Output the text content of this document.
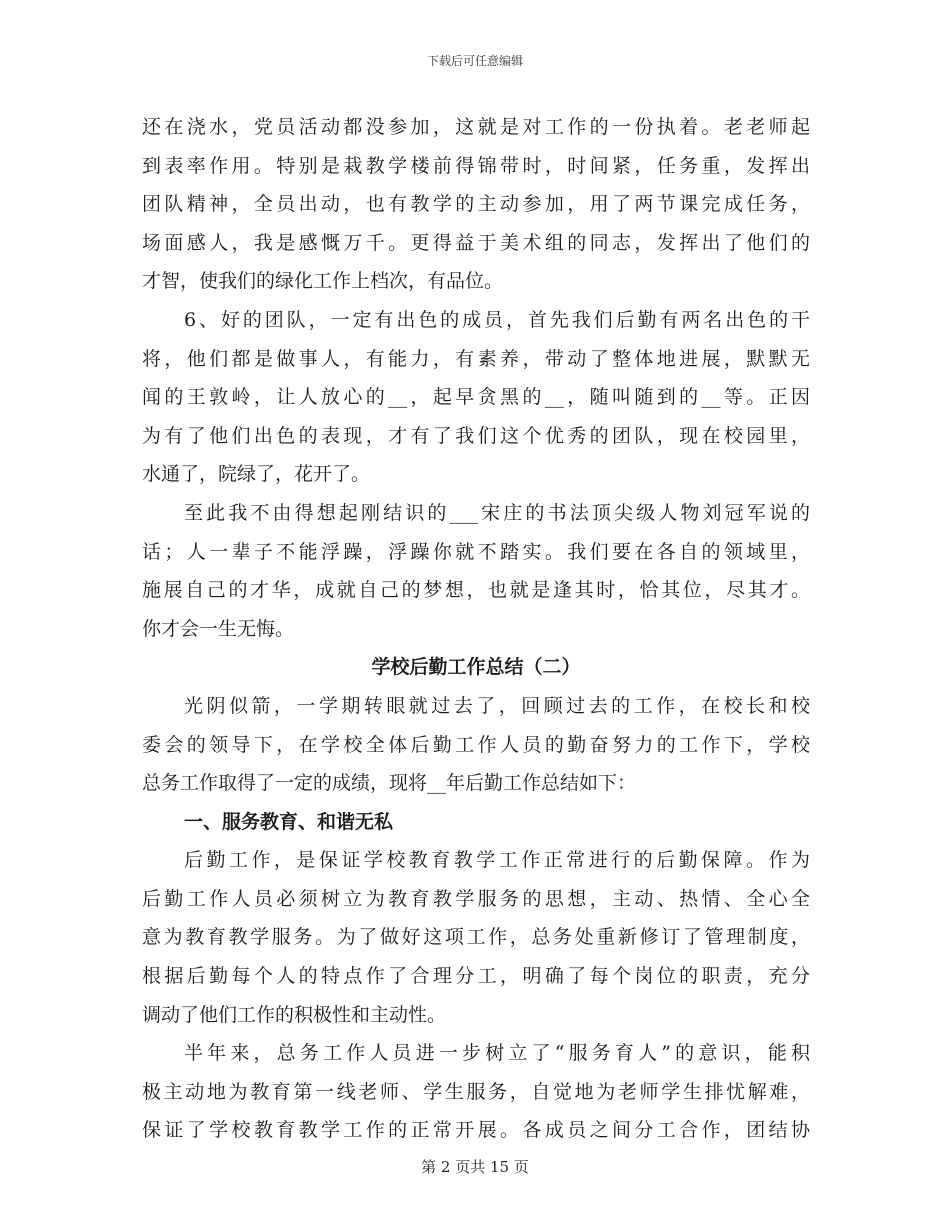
下载后可任意编辑
还在浇水，党员活动都没参加，这就是对工作的一份执着。老老师起
到表率作用。特别是栽教学楼前得锦带时，时间紧，任务重，发挥出
团队精神，全员出动，也有教学的主动参加，用了两节课完成任务，
场面感人，我是感慨万千。更得益于美术组的同志，发挥出了他们的
才智，使我们的绿化工作上档次，有品位。
6、好的团队，一定有出色的成员，首先我们后勤有两名出色的干
将，他们都是做事人，有能力，有素养，带动了整体地进展，默默无
闻的王敦岭，让人放心的__，起早贪黑的__，随叫随到的__等。正因
为有了他们出色的表现，才有了我们这个优秀的团队，现在校园里，
水通了，院绿了，花开了。
至此我不由得想起刚结识的___宋庄的书法顶尖级人物刘冠军说的
话；人一辈子不能浮躁，浮躁你就不踏实。我们要在各自的领域里，
施展自己的才华，成就自己的梦想，也就是逢其时，恰其位，尽其才。
你才会一生无悔。
学校后勤工作总结（二）
光阴似箭，一学期转眼就过去了，回顾过去的工作，在校长和校
委会的领导下，在学校全体后勤工作人员的勤奋努力的工作下，学校
总务工作取得了一定的成绩，现将__年后勤工作总结如下：
一、服务教育、和谐无私
后勤工作，是保证学校教育教学工作正常进行的后勤保障。作为
后勤工作人员必须树立为教育教学服务的思想，主动、热情、全心全
意为教育教学服务。为了做好这项工作，总务处重新修订了管理制度，
根据后勤每个人的特点作了合理分工，明确了每个岗位的职责，充分
调动了他们工作的积极性和主动性。
半年来，总务工作人员进一步树立了“服务育人”的意识，能积
极主动地为教育第一线老师、学生服务，自觉地为老师学生排忧解难，
保证了学校教育教学工作的正常开展。各成员之间分工合作，团结协
第 2 页共 15 页
